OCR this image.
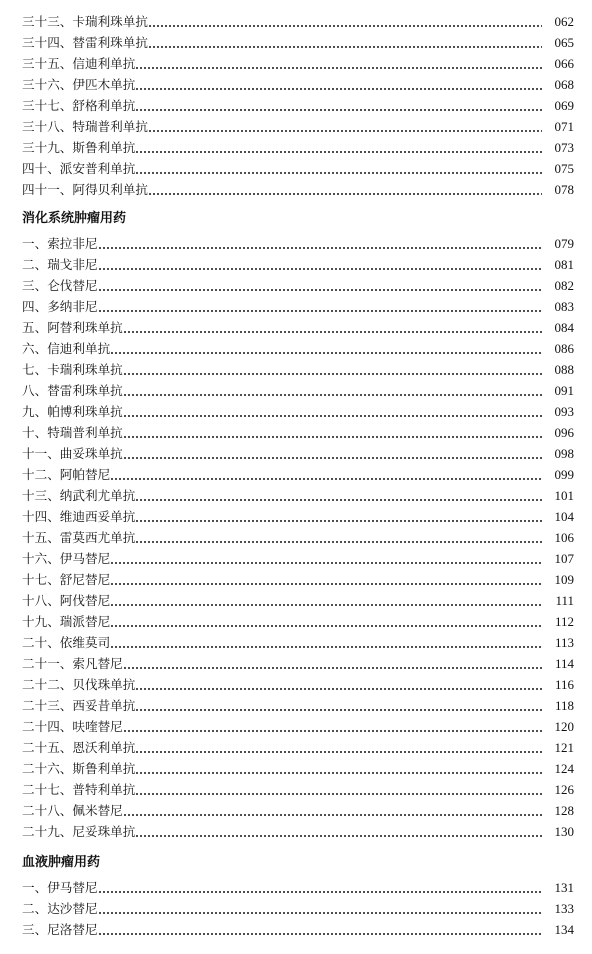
三十三、卡瑞利珠单抗	062
三十四、替雷利珠单抗	065
三十五、信迪利单抗	066
三十六、伊匹木单抗	068
三十七、舒格利单抗	069
三十八、特瑞普利单抗	071
三十九、斯鲁利单抗	073
四十、派安普利单抗	075
四十一、阿得贝利单抗	078
消化系统肿瘤用药
一、索拉非尼	079
二、瑞戈非尼	081
三、仑伐替尼	082
四、多纳非尼	083
五、阿替利珠单抗	084
六、信迪利单抗	086
七、卡瑞利珠单抗	088
八、替雷利珠单抗	091
九、帕博利珠单抗	093
十、特瑞普利单抗	096
十一、曲妥珠单抗	098
十二、阿帕替尼	099
十三、纳武利尤单抗	101
十四、维迪西妥单抗	104
十五、雷莫西尤单抗	106
十六、伊马替尼	107
十七、舒尼替尼	109
十八、阿伐替尼	111
十九、瑞派替尼	112
二十、依维莫司	113
二十一、索凡替尼	114
二十二、贝伐珠单抗	116
二十三、西妥昔单抗	118
二十四、呋喹替尼	120
二十五、恩沃利单抗	121
二十六、斯鲁利单抗	124
二十七、普特利单抗	126
二十八、佩米替尼	128
二十九、尼妥珠单抗	130
血液肿瘤用药
一、伊马替尼	131
二、达沙替尼	133
三、尼洛替尼	134
